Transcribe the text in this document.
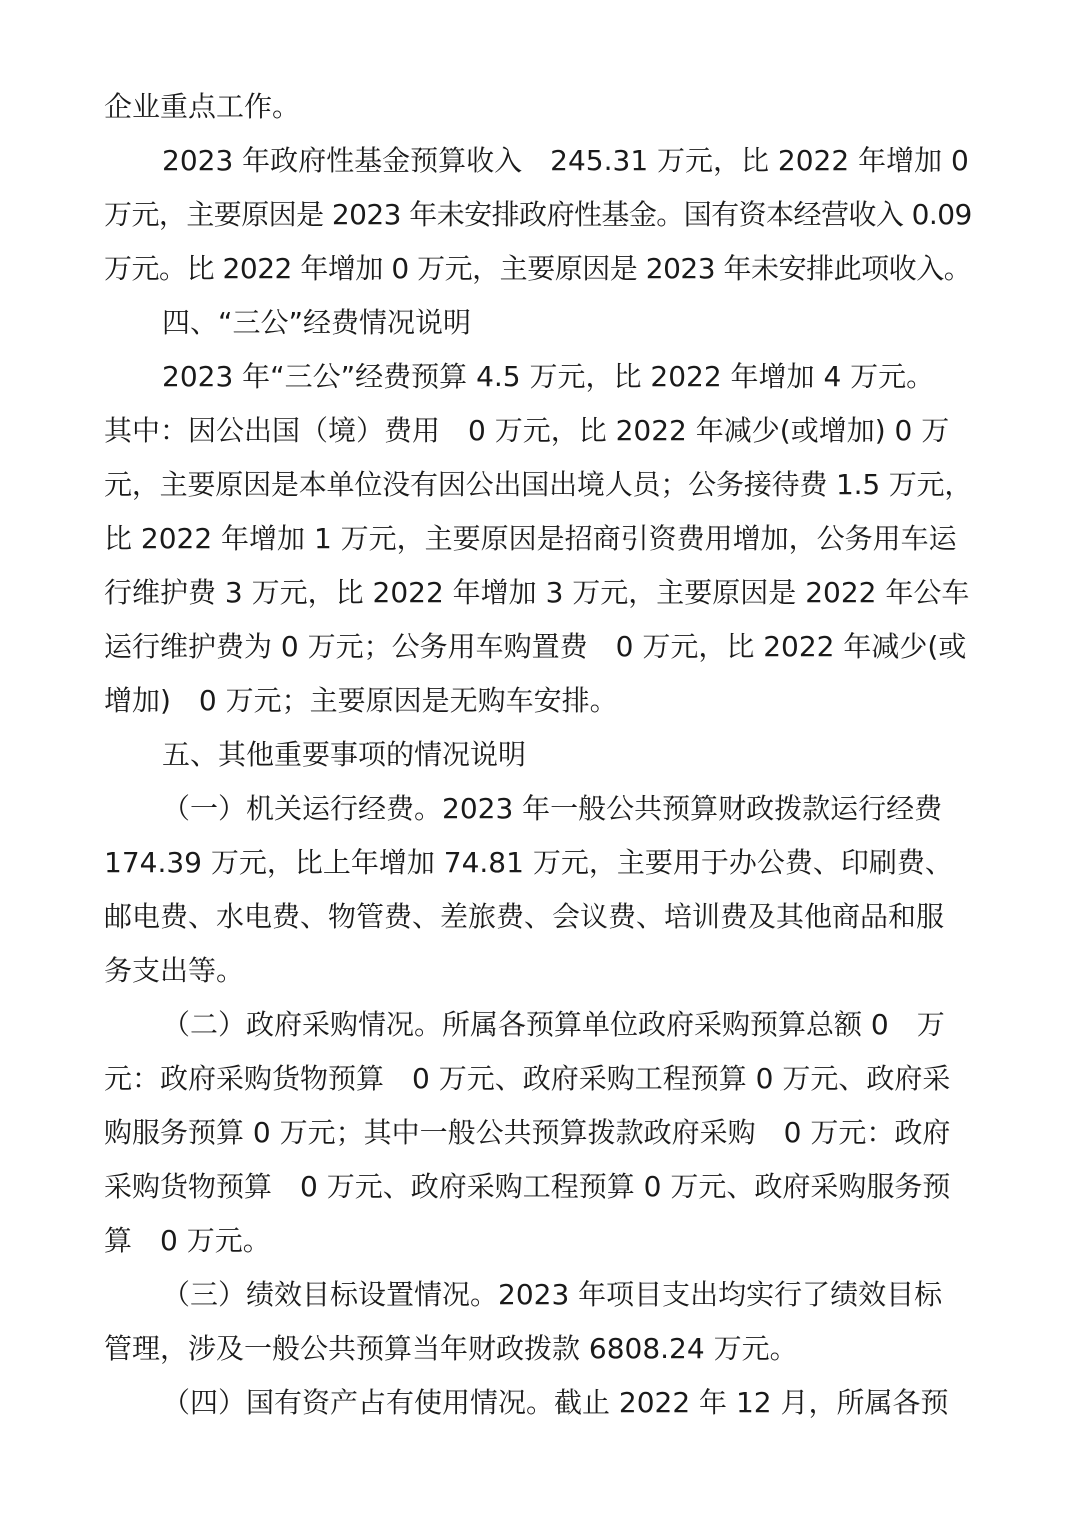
企业重点工作。
2023 年政府性基金预算收入　245.31 万元，比 2022 年增加 0
万元，主要原因是 2023 年未安排政府性基金。国有资本经营收入 0.09
万元。比 2022 年增加 0 万元，主要原因是 2023 年未安排此项收入。
四、“三公”经费情况说明
2023 年“三公”经费预算 4.5 万元，比 2022 年增加 4 万元。
其中：因公出国（境）费用　0 万元，比 2022 年减少(或增加) 0 万
元，主要原因是本单位没有因公出国出境人员；公务接待费 1.5 万元，
比 2022 年增加 1 万元，主要原因是招商引资费用增加，公务用车运
行维护费 3 万元，比 2022 年增加 3 万元，主要原因是 2022 年公车
运行维护费为 0 万元；公务用车购置费　0 万元，比 2022 年减少(或
增加)　0 万元；主要原因是无购车安排。
五、其他重要事项的情况说明
（一）机关运行经费。2023 年一般公共预算财政拨款运行经费
174.39 万元，比上年增加 74.81 万元，主要用于办公费、印刷费、
邮电费、水电费、物管费、差旅费、会议费、培训费及其他商品和服
务支出等。
（二）政府采购情况。所属各预算单位政府采购预算总额 0　万
元：政府采购货物预算　0 万元、政府采购工程预算 0 万元、政府采
购服务预算 0 万元；其中一般公共预算拨款政府采购　0 万元：政府
采购货物预算　0 万元、政府采购工程预算 0 万元、政府采购服务预
算　0 万元。
（三）绩效目标设置情况。2023 年项目支出均实行了绩效目标
管理，涉及一般公共预算当年财政拨款 6808.24 万元。
（四）国有资产占有使用情况。截止 2022 年 12 月，所属各预
